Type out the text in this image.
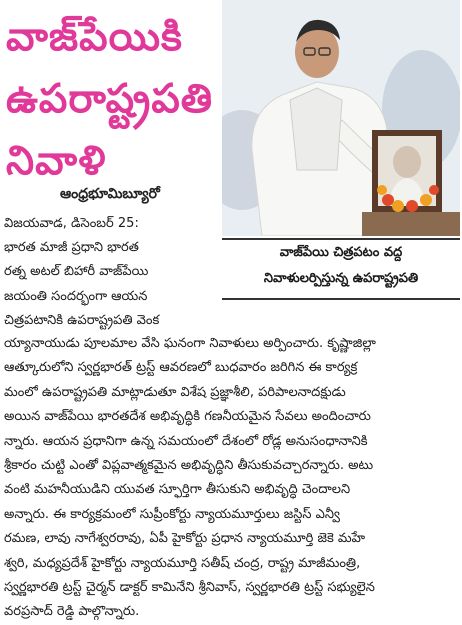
వాజ్‌పేయికి
ఉపరాష్ట్రపతి
నివాళి
ఆంధ్రభూమిబ్యూరో
వాజ్‌పేయి చిత్రపటం వద్ద
నివాళులర్పిస్తున్న ఉపరాష్ట్రపతి
విజయవాడ, డిసెంబర్ 25:
భారత మాజీ ప్రధాని భారత
రత్న అటల్ బిహారీ వాజ్‌పేయి
జయంతి సందర్భంగా ఆయన
చిత్రపటానికి ఉపరాష్ట్రపతి వెంక
య్యానాయుడు పూలమాల వేసి ఘనంగా నివాళులు అర్పించారు. కృష్ణాజిల్లా
ఆత్కూరులోని స్వర్ణభారత్ ట్రస్ట్ ఆవరణలో బుధవారం జరిగిన ఈ కార్యక్ర
మంలో ఉపరాష్ట్రపతి మాట్లాడుతూ విశేష ప్రజ్ఞాశీలి, పరిపాలనాదక్షుడు
అయిన వాజ్‌పేయి భారతదేశ అభివృద్ధికి గణనీయమైన సేవలు అందించారు
న్నారు. ఆయన ప్రధానిగా ఉన్న సమయంలో దేశంలో రోడ్ల అనుసంధానానికి
శ్రీకారం చుట్టి ఎంతో విప్లవాత్మకమైన అభివృద్ధిని తీసుకువచ్చారన్నారు. అటు
వంటి మహనీయుడిని యువత స్ఫూర్తిగా తీసుకుని అభివృద్ధి చెందాలని
అన్నారు. ఈ కార్యక్రమంలో సుప్రీంకోర్టు న్యాయమూర్తులు జస్టిస్ ఎన్వీ
రమణ, లావు నాగేశ్వరరావు, ఏపీ హైకోర్టు ప్రధాన న్యాయమూర్తి జెకె మహే
శ్వరి, మధ్యప్రదేశ్ హైకోర్టు న్యాయమూర్తి సతీష్ చంద్ర, రాష్ట్ర మాజీమంత్రి,
స్వర్ణభారతి ట్రస్ట్ చైర్మన్ డాక్టర్ కామినేని శ్రీనివాస్, స్వర్ణభారతి ట్రస్ట్ సభ్యులైన
వరప్రసాద్ రెడ్డి పాల్గొన్నారు.
